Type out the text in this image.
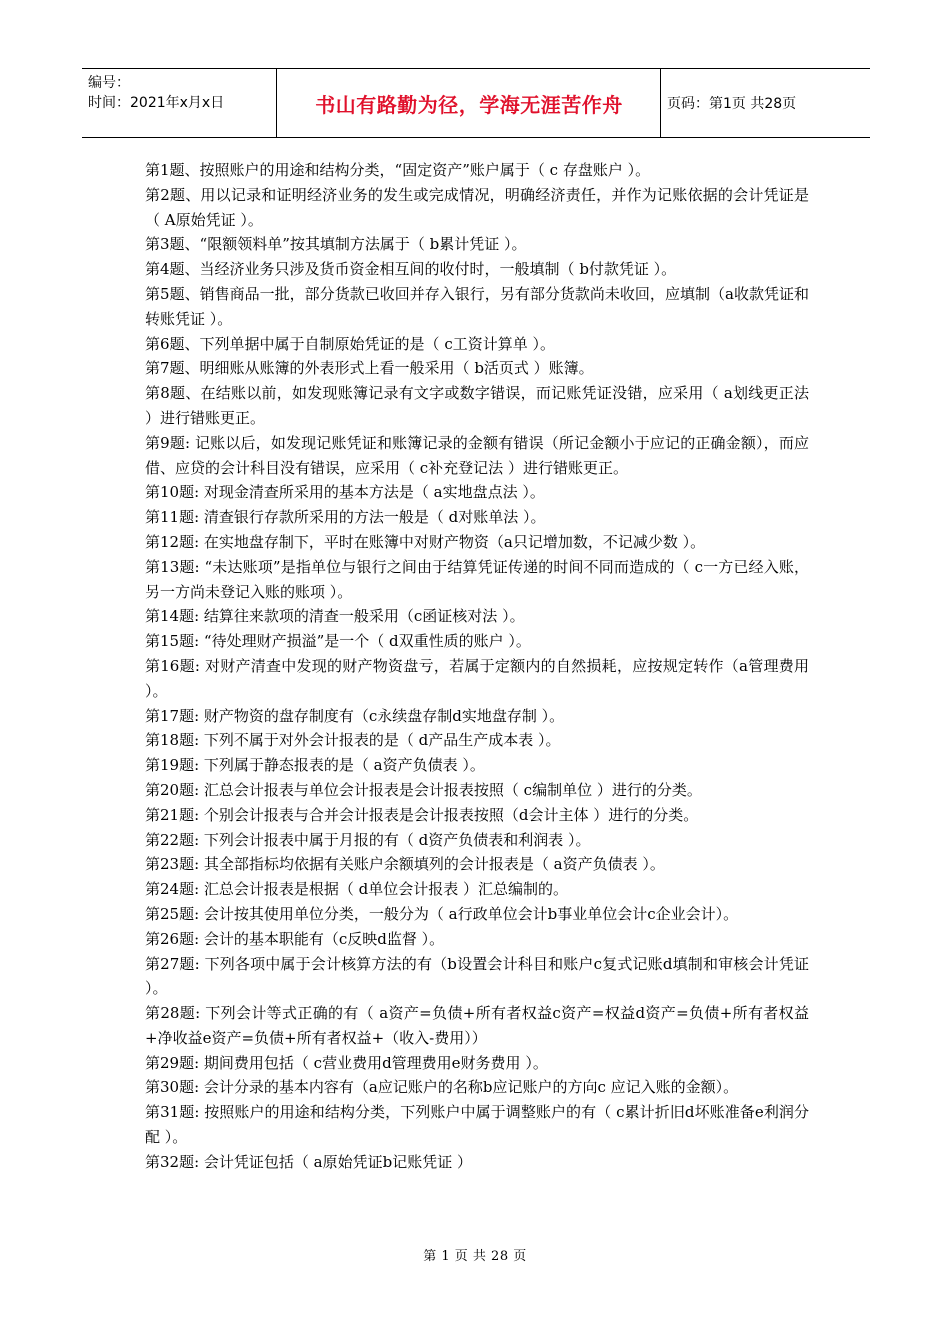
编号：
时间：2021年x月x日	书山有路勤为径，学海无涯苦作舟	页码：第1页 共28页
第1题、按照账户的用途和结构分类，“固定资产”账户属于（ c 存盘账户 ）。
第2题、用以记录和证明经济业务的发生或完成情况，明确经济责任，并作为记账依据的会计凭证是（ A原始凭证 ）。
第3题、“限额领料单”按其填制方法属于（ b累计凭证 ）。
第4题、当经济业务只涉及货币资金相互间的收付时，一般填制（ b付款凭证 ）。
第5题、销售商品一批，部分货款已收回并存入银行，另有部分货款尚未收回，应填制（a收款凭证和转账凭证 ）。
第6题、下列单据中属于自制原始凭证的是（ c工资计算单 ）。
第7题、明细账从账簿的外表形式上看一般采用（ b活页式 ）账簿。
第8题、在结账以前，如发现账簿记录有文字或数字错误，而记账凭证没错，应采用（ a划线更正法 ）进行错账更正。
第9题: 记账以后，如发现记账凭证和账簿记录的金额有错误（所记金额小于应记的正确金额），而应借、应贷的会计科目没有错误，应采用（ c补充登记法 ）进行错账更正。
第10题: 对现金清查所采用的基本方法是（ a实地盘点法 ）。
第11题: 清查银行存款所采用的方法一般是（ d对账单法 ）。
第12题: 在实地盘存制下，平时在账簿中对财产物资（a只记增加数，不记减少数 ）。
第13题: “未达账项”是指单位与银行之间由于结算凭证传递的时间不同而造成的（ c一方已经入账，另一方尚未登记入账的账项 ）。
第14题: 结算往来款项的清查一般采用（c函证核对法 ）。
第15题: “待处理财产损溢”是一个（ d双重性质的账户 ）。
第16题: 对财产清查中发现的财产物资盘亏，若属于定额内的自然损耗，应按规定转作（a管理费用 ）。
第17题: 财产物资的盘存制度有（c永续盘存制d实地盘存制 ）。
第18题: 下列不属于对外会计报表的是（ d产品生产成本表 ）。
第19题: 下列属于静态报表的是（ a资产负债表 ）。
第20题: 汇总会计报表与单位会计报表是会计报表按照（ c编制单位 ）进行的分类。
第21题: 个别会计报表与合并会计报表是会计报表按照（d会计主体 ）进行的分类。
第22题: 下列会计报表中属于月报的有（ d资产负债表和利润表 ）。
第23题: 其全部指标均依据有关账户余额填列的会计报表是（ a资产负债表 ）。
第24题: 汇总会计报表是根据（ d单位会计报表 ）汇总编制的。
第25题: 会计按其使用单位分类，一般分为（ a行政单位会计b事业单位会计c企业会计）。
第26题: 会计的基本职能有（c反映d监督 ）。
第27题: 下列各项中属于会计核算方法的有（b设置会计科目和账户c复式记账d填制和审核会计凭证 ）。
第28题: 下列会计等式正确的有（ a资产=负债+所有者权益c资产=权益d资产=负债+所有者权益+净收益e资产=负债+所有者权益+（收入-费用））
第29题: 期间费用包括（ c营业费用d管理费用e财务费用 ）。
第30题: 会计分录的基本内容有（a应记账户的名称b应记账户的方向c 应记入账的金额）。
第31题: 按照账户的用途和结构分类，下列账户中属于调整账户的有（ c累计折旧d坏账准备e利润分配 ）。
第32题: 会计凭证包括（ a原始凭证b记账凭证 ）
第 1 页 共 28 页
